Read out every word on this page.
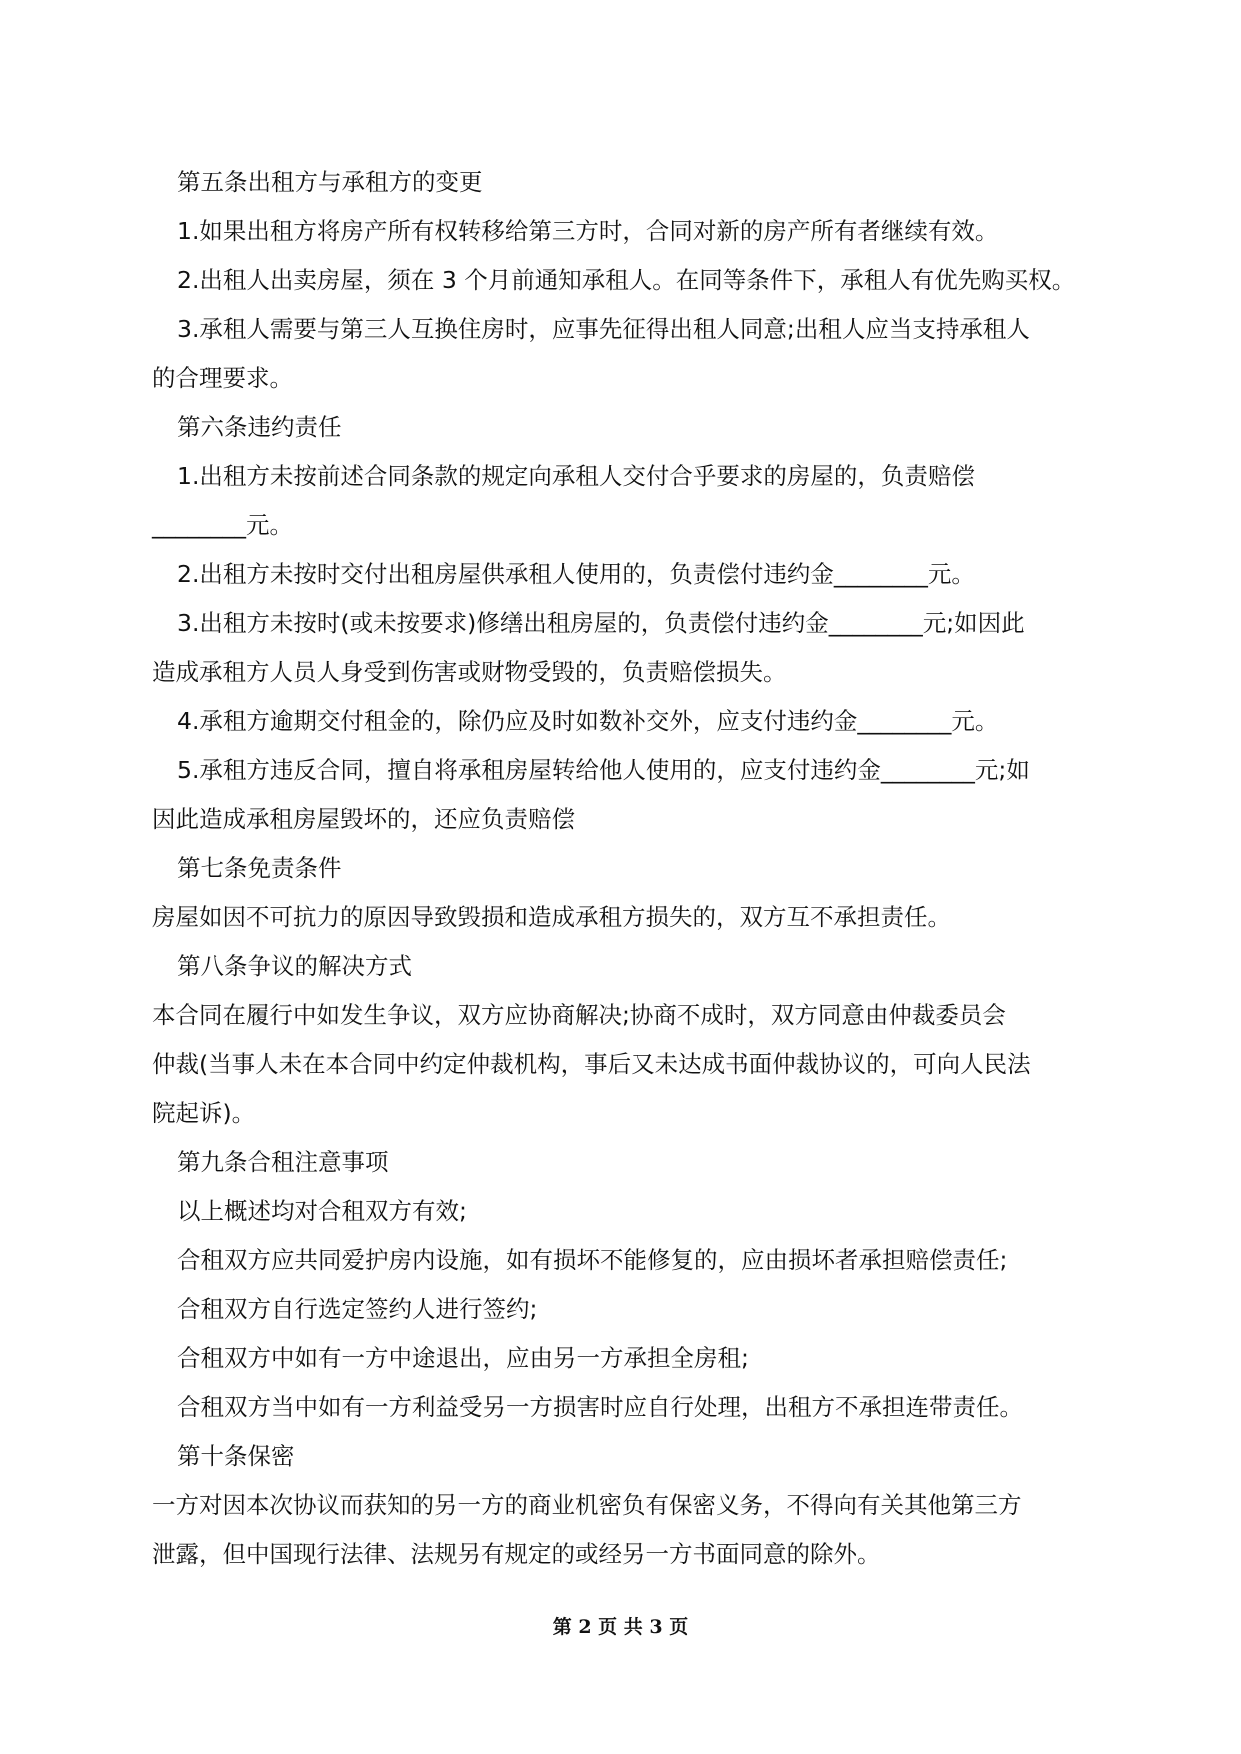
第五条出租方与承租方的变更
1.如果出租方将房产所有权转移给第三方时，合同对新的房产所有者继续有效。
2.出租人出卖房屋，须在 3 个月前通知承租人。在同等条件下，承租人有优先购买权。
3.承租人需要与第三人互换住房时，应事先征得出租人同意;出租人应当支持承租人
的合理要求。
第六条违约责任
1.出租方未按前述合同条款的规定向承租人交付合乎要求的房屋的，负责赔偿
________元。
2.出租方未按时交付出租房屋供承租人使用的，负责偿付违约金________元。
3.出租方未按时(或未按要求)修缮出租房屋的，负责偿付违约金________元;如因此
造成承租方人员人身受到伤害或财物受毁的，负责赔偿损失。
4.承租方逾期交付租金的，除仍应及时如数补交外，应支付违约金________元。
5.承租方违反合同，擅自将承租房屋转给他人使用的，应支付违约金________元;如
因此造成承租房屋毁坏的，还应负责赔偿
第七条免责条件
房屋如因不可抗力的原因导致毁损和造成承租方损失的，双方互不承担责任。
第八条争议的解决方式
本合同在履行中如发生争议，双方应协商解决;协商不成时，双方同意由仲裁委员会
仲裁(当事人未在本合同中约定仲裁机构，事后又未达成书面仲裁协议的，可向人民法
院起诉)。
第九条合租注意事项
以上概述均对合租双方有效;
合租双方应共同爱护房内设施，如有损坏不能修复的，应由损坏者承担赔偿责任;
合租双方自行选定签约人进行签约;
合租双方中如有一方中途退出，应由另一方承担全房租;
合租双方当中如有一方利益受另一方损害时应自行处理，出租方不承担连带责任。
第十条保密
一方对因本次协议而获知的另一方的商业机密负有保密义务，不得向有关其他第三方
泄露，但中国现行法律、法规另有规定的或经另一方书面同意的除外。
第 2 页 共 3 页
